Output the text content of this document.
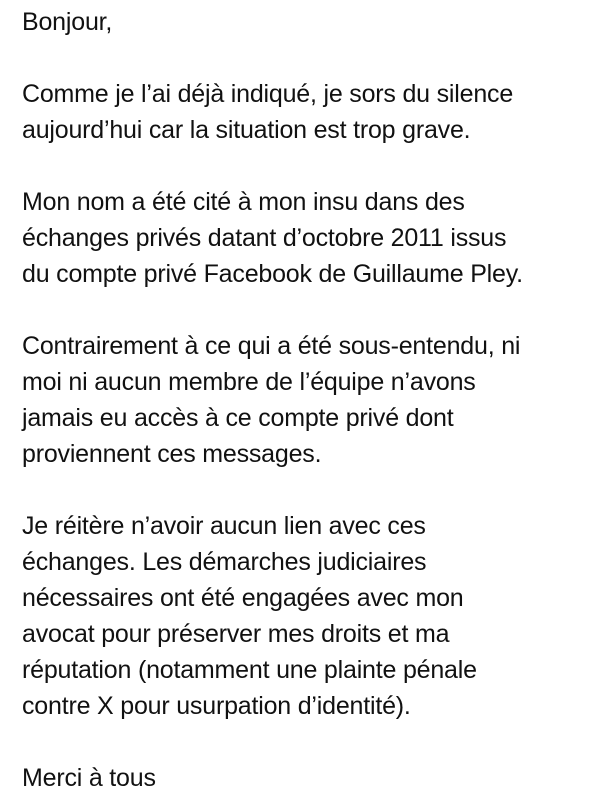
Bonjour,

Comme je l’ai déjà indiqué, je sors du silence
aujourd’hui car la situation est trop grave.

Mon nom a été cité à mon insu dans des
échanges privés datant d’octobre 2011 issus
du compte privé Facebook de Guillaume Pley.

Contrairement à ce qui a été sous-entendu, ni
moi ni aucun membre de l’équipe n’avons
jamais eu accès à ce compte privé dont
proviennent ces messages.

Je réitère n’avoir aucun lien avec ces
échanges. Les démarches judiciaires
nécessaires ont été engagées avec mon
avocat pour préserver mes droits et ma
réputation (notamment une plainte pénale
contre X pour usurpation d’identité).

Merci à tous
